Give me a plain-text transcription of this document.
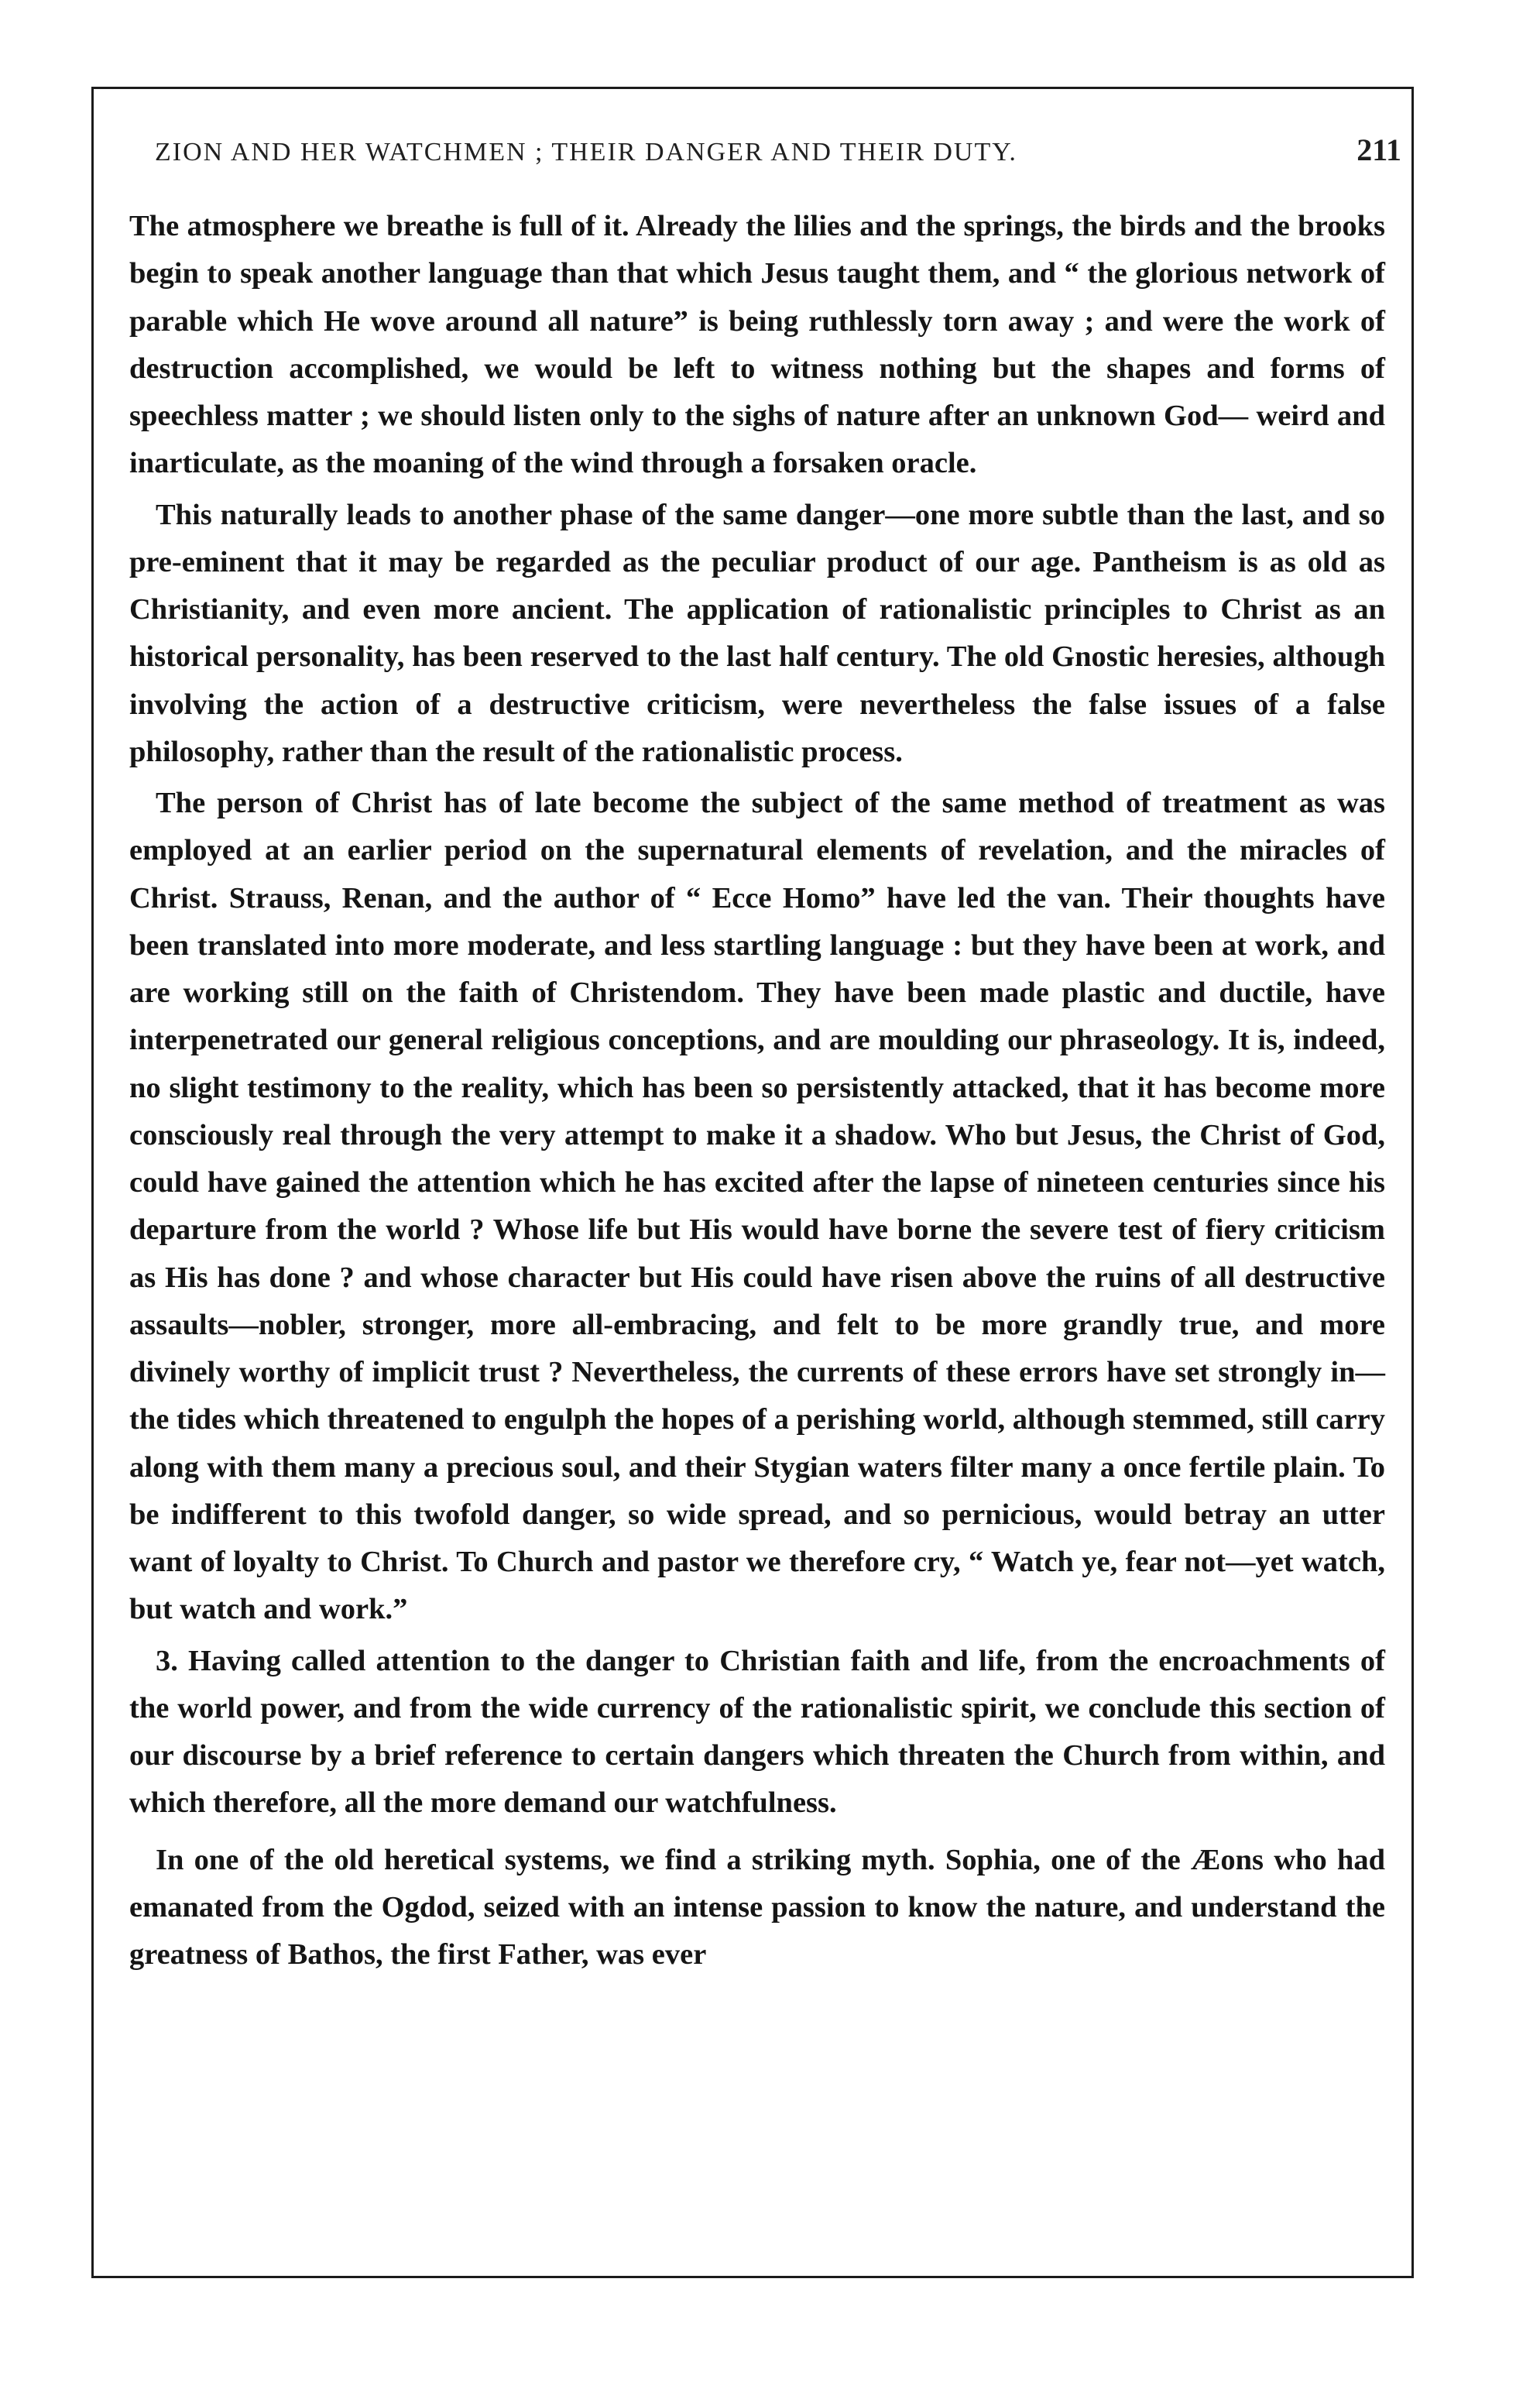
ZION AND HER WATCHMEN ; THEIR DANGER AND THEIR DUTY.	211

The atmosphere we breathe is full of it. Already the lilies and the springs, the birds and the brooks begin to speak another language than that which Jesus taught them, and “ the glorious network of parable which He wove around all nature” is being ruthlessly torn away ; and were the work of destruction accomplished, we would be left to witness nothing but the shapes and forms of speechless matter ; we should listen only to the sighs of nature after an unknown God— weird and inarticulate, as the moaning of the wind through a forsaken oracle.

This naturally leads to another phase of the same danger—one more subtle than the last, and so pre-eminent that it may be regarded as the peculiar product of our age. Pantheism is as old as Christianity, and even more ancient. The application of rationalistic principles to Christ as an historical personality, has been reserved to the last half century. The old Gnostic heresies, although involving the action of a destructive criticism, were nevertheless the false issues of a false philosophy, rather than the result of the rationalistic process.

The person of Christ has of late become the subject of the same method of treatment as was employed at an earlier period on the supernatural elements of revelation, and the miracles of Christ. Strauss, Renan, and the author of “ Ecce Homo” have led the van. Their thoughts have been translated into more moderate, and less startling language : but they have been at work, and are working still on the faith of Christendom. They have been made plastic and ductile, have interpenetrated our general religious conceptions, and are moulding our phraseology. It is, indeed, no slight testimony to the reality, which has been so persistently attacked, that it has become more consciously real through the very attempt to make it a shadow. Who but Jesus, the Christ of God, could have gained the attention which he has excited after the lapse of nineteen centuries since his departure from the world ? Whose life but His would have borne the severe test of fiery criticism as His has done ? and whose character but His could have risen above the ruins of all destructive assaults—nobler, stronger, more all-embracing, and felt to be more grandly true, and more divinely worthy of implicit trust ? Nevertheless, the currents of these errors have set strongly in—the tides which threatened to engulph the hopes of a perishing world, although stemmed, still carry along with them many a precious soul, and their Stygian waters filter many a once fertile plain. To be indifferent to this twofold danger, so wide spread, and so pernicious, would betray an utter want of loyalty to Christ. To Church and pastor we therefore cry, “ Watch ye, fear not—yet watch, but watch and work.”

3. Having called attention to the danger to Christian faith and life, from the encroachments of the world power, and from the wide currency of the rationalistic spirit, we conclude this section of our discourse by a brief reference to certain dangers which threaten the Church from within, and which therefore, all the more demand our watchfulness.

In one of the old heretical systems, we find a striking myth. Sophia, one of the Æons who had emanated from the Ogdod, seized with an intense passion to know the nature, and understand the greatness of Bathos, the first Father, was ever
